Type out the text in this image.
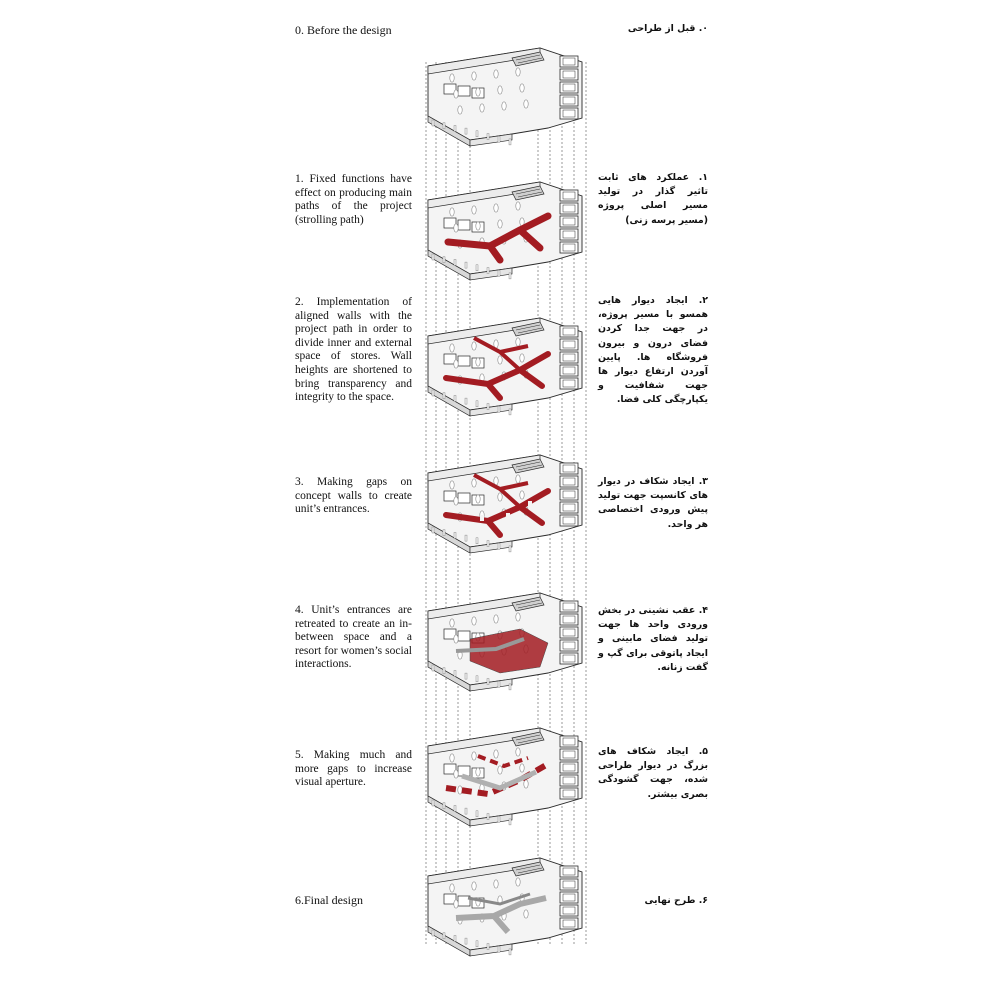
0. Before the design
1. Fixed functions have effect on producing main paths of the project (strolling path)
2. Implementation of aligned walls with the project path in order to divide inner and external space of stores. Wall heights are shortened to bring transparency and integrity to the space.
3. Making gaps on concept walls to create unit’s entrances.
4. Unit’s entrances are retreated to create an in-between space and a resort for women’s social interactions.
5. Making much and more gaps to increase visual aperture.
6.Final design
۰. قبل از طراحی
۱. عملکرد های ثابت تاثیر گذار در تولید مسیر اصلی پروژه (مسیر پرسه زنی)
۲. ایجاد دیوار هایی همسو با مسیر پروژه، در جهت جدا کردن فضای درون و بیرون فروشگاه ها. پایین آوردن ارتفاع دیوار ها جهت شفافیت و یکپارچگی کلی فضا.
۳. ایجاد شکاف در دیوار های کانسپت جهت تولید پیش ورودی اختصاصی هر واحد.
۴. عقب نشینی در بخش ورودی واحد ها جهت تولید فضای مابینی و ایجاد پاتوقی برای گپ و گفت زنانه.
۵. ایجاد شکاف های بزرگ در دیوار طراحی شده، جهت گشودگی بصری بیشتر.
۶. طرح نهایی
